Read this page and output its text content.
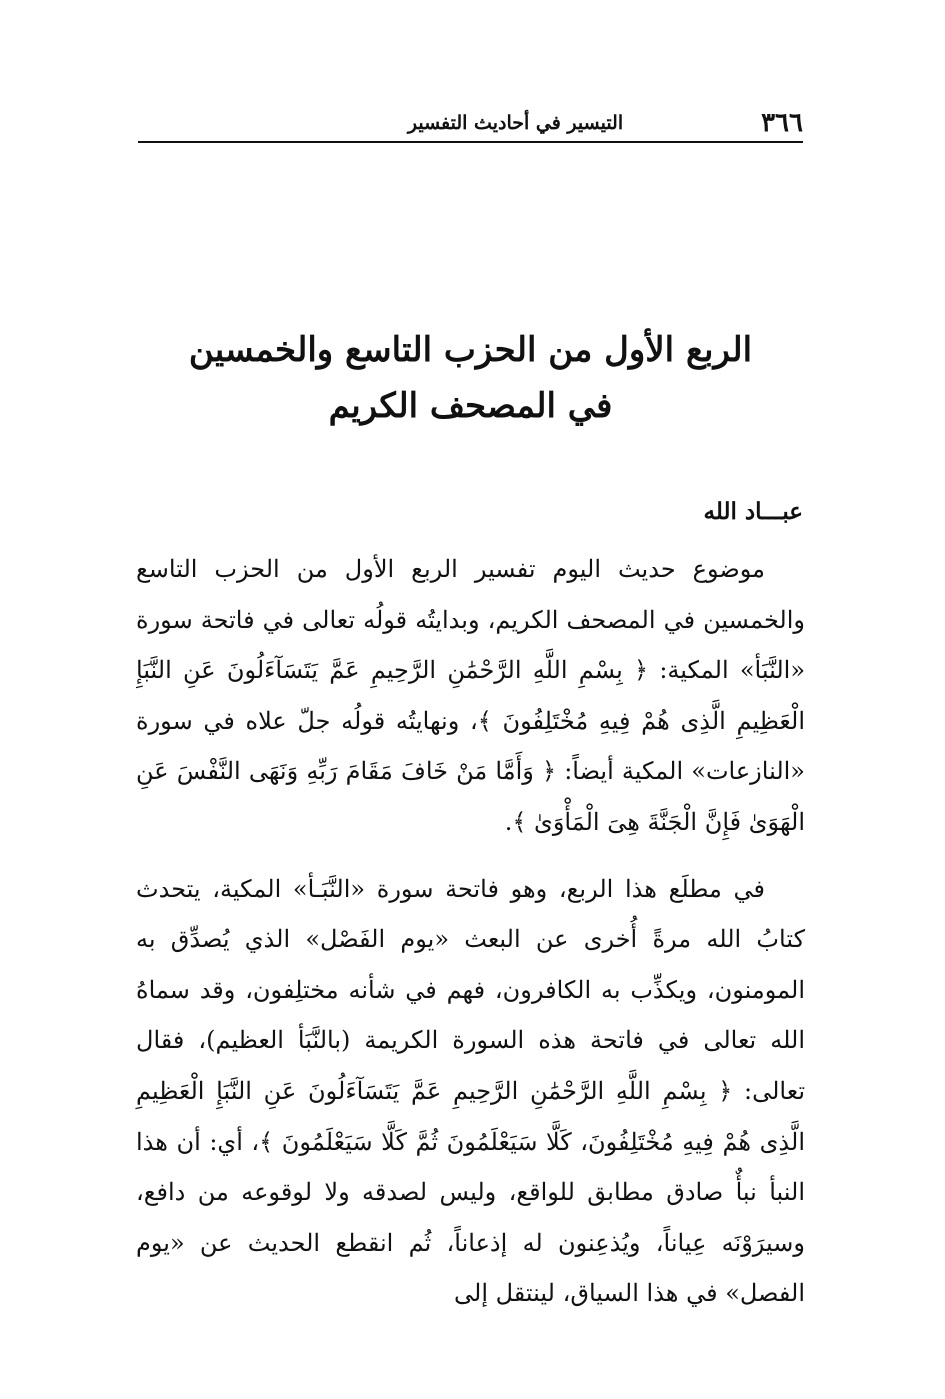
٣٦٦
التيسير في أحاديث التفسير
الربع الأول من الحزب التاسع والخمسين
في المصحف الكريم
عبـــاد الله

موضوع حديث اليوم تفسير الربع الأول من الحزب التاسع والخمسين في المصحف الكريم، وبدايتُه قولُه تعالى في فاتحة سورة «النَّبَأ» المكية: ﴿ بِسْمِ اللَّهِ الرَّحْمَٰنِ الرَّحِيمِ عَمَّ يَتَسَآءَلُونَ عَنِ النَّبَإِ الْعَظِيمِ الَّذِى هُمْ فِيهِ مُخْتَلِفُونَ ﴾، ونهايتُه قولُه جلّ علاه في سورة «النازعات» المكية أيضاً: ﴿ وَأَمَّا مَنْ خَافَ مَقَامَ رَبِّهِ وَنَهَى النَّفْسَ عَنِ الْهَوَىٰ فَإِنَّ الْجَنَّةَ هِىَ الْمَأْوَىٰ ﴾.

في مطلَع هذا الربع، وهو فاتحة سورة «النَّبَـأ» المكية، يتحدث كتابُ الله مرةً أُخرى عن البعث «يوم الفَصْل» الذي يُصدِّق به المومنون، ويكذِّب به الكافرون، فهم في شأنه مختلِفون، وقد سماهُ الله تعالى في فاتحة هذه السورة الكريمة (بالنَّبَأ العظيم)، فقال تعالى: ﴿ بِسْمِ اللَّهِ الرَّحْمَٰنِ الرَّحِيمِ عَمَّ يَتَسَآءَلُونَ عَنِ النَّبَإِ الْعَظِيمِ الَّذِى هُمْ فِيهِ مُخْتَلِفُونَ، كَلَّا سَيَعْلَمُونَ ثُمَّ كَلَّا سَيَعْلَمُونَ ﴾، أي: أن هذا النبأ نبأٌ صادق مطابق للواقع، وليس لصدقه ولا لوقوعه من دافع، وسيرَوْنَه عِياناً، ويُذعِنون له إذعاناً، ثُم انقطع الحديث عن «يوم الفصل» في هذا السياق، لينتقل إلى
